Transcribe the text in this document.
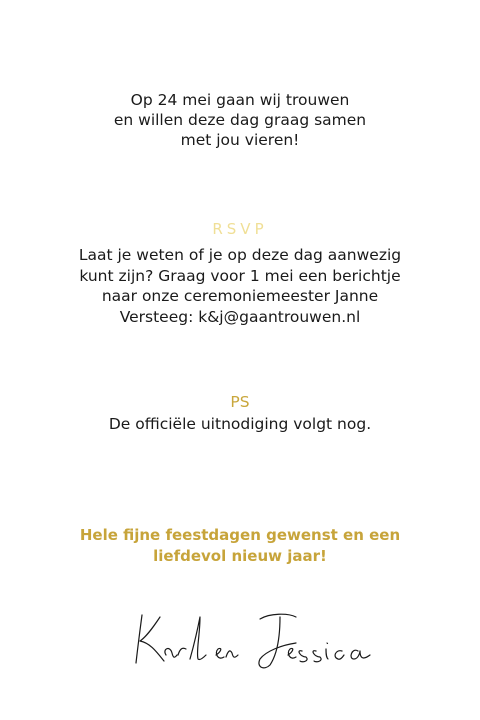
Op 24 mei gaan wij trouwen
en willen deze dag graag samen
met jou vieren!
RSVP
Laat je weten of je op deze dag aanwezig
kunt zijn? Graag voor 1 mei een berichtje
naar onze ceremoniemeester Janne
Versteeg: k&j@gaantrouwen.nl
PS
De officiële uitnodiging volgt nog.
Hele fijne feestdagen gewenst en een
liefdevol nieuw jaar!
